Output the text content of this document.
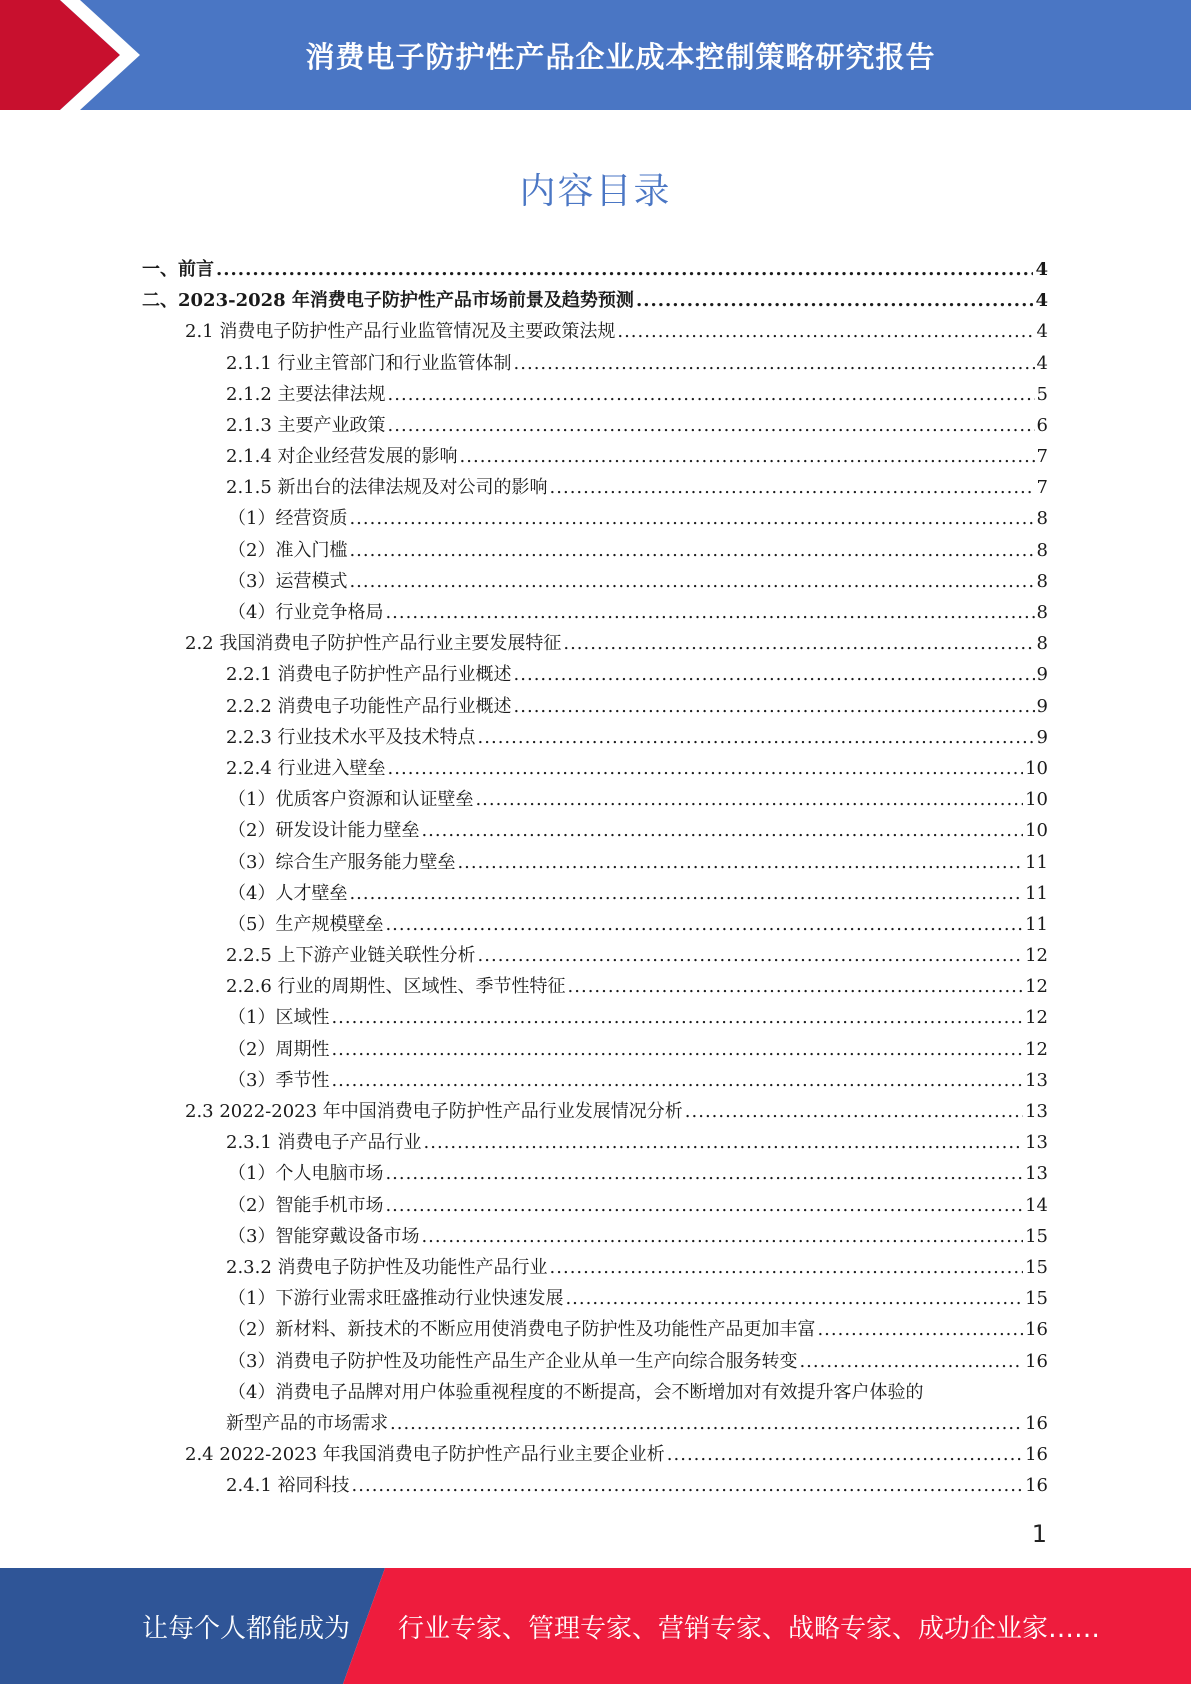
消费电子防护性产品企业成本控制策略研究报告
内容目录
一、前言 .....	4
二、2023-2028 年消费电子防护性产品市场前景及趋势预测 .....	4
2.1 消费电子防护性产品行业监管情况及主要政策法规 .....	4
2.1.1 行业主管部门和行业监管体制 .....	4
2.1.2 主要法律法规 .....	5
2.1.3 主要产业政策 .....	6
2.1.4 对企业经营发展的影响 .....	7
2.1.5 新出台的法律法规及对公司的影响 .....	7
（1）经营资质 .....	8
（2）准入门槛 .....	8
（3）运营模式 .....	8
（4）行业竞争格局 .....	8
2.2 我国消费电子防护性产品行业主要发展特征 .....	8
2.2.1 消费电子防护性产品行业概述 .....	9
2.2.2 消费电子功能性产品行业概述 .....	9
2.2.3 行业技术水平及技术特点 .....	9
2.2.4 行业进入壁垒 .....	10
（1）优质客户资源和认证壁垒 .....	10
（2）研发设计能力壁垒 .....	10
（3）综合生产服务能力壁垒 .....	11
（4）人才壁垒 .....	11
（5）生产规模壁垒 .....	11
2.2.5 上下游产业链关联性分析 .....	12
2.2.6 行业的周期性、区域性、季节性特征 .....	12
（1）区域性 .....	12
（2）周期性 .....	12
（3）季节性 .....	13
2.3 2022-2023 年中国消费电子防护性产品行业发展情况分析 .....	13
2.3.1 消费电子产品行业 .....	13
（1）个人电脑市场 .....	13
（2）智能手机市场 .....	14
（3）智能穿戴设备市场 .....	15
2.3.2 消费电子防护性及功能性产品行业 .....	15
（1）下游行业需求旺盛推动行业快速发展 .....	15
（2）新材料、新技术的不断应用使消费电子防护性及功能性产品更加丰富 .....	16
（3）消费电子防护性及功能性产品生产企业从单一生产向综合服务转变 .....	16
（4）消费电子品牌对用户体验重视程度的不断提高，会不断增加对有效提升客户体验的
新型产品的市场需求 .....	16
2.4 2022-2023 年我国消费电子防护性产品行业主要企业析 .....	16
2.4.1 裕同科技 .....	16
1
让每个人都能成为 行业专家、管理专家、营销专家、战略专家、成功企业家……
